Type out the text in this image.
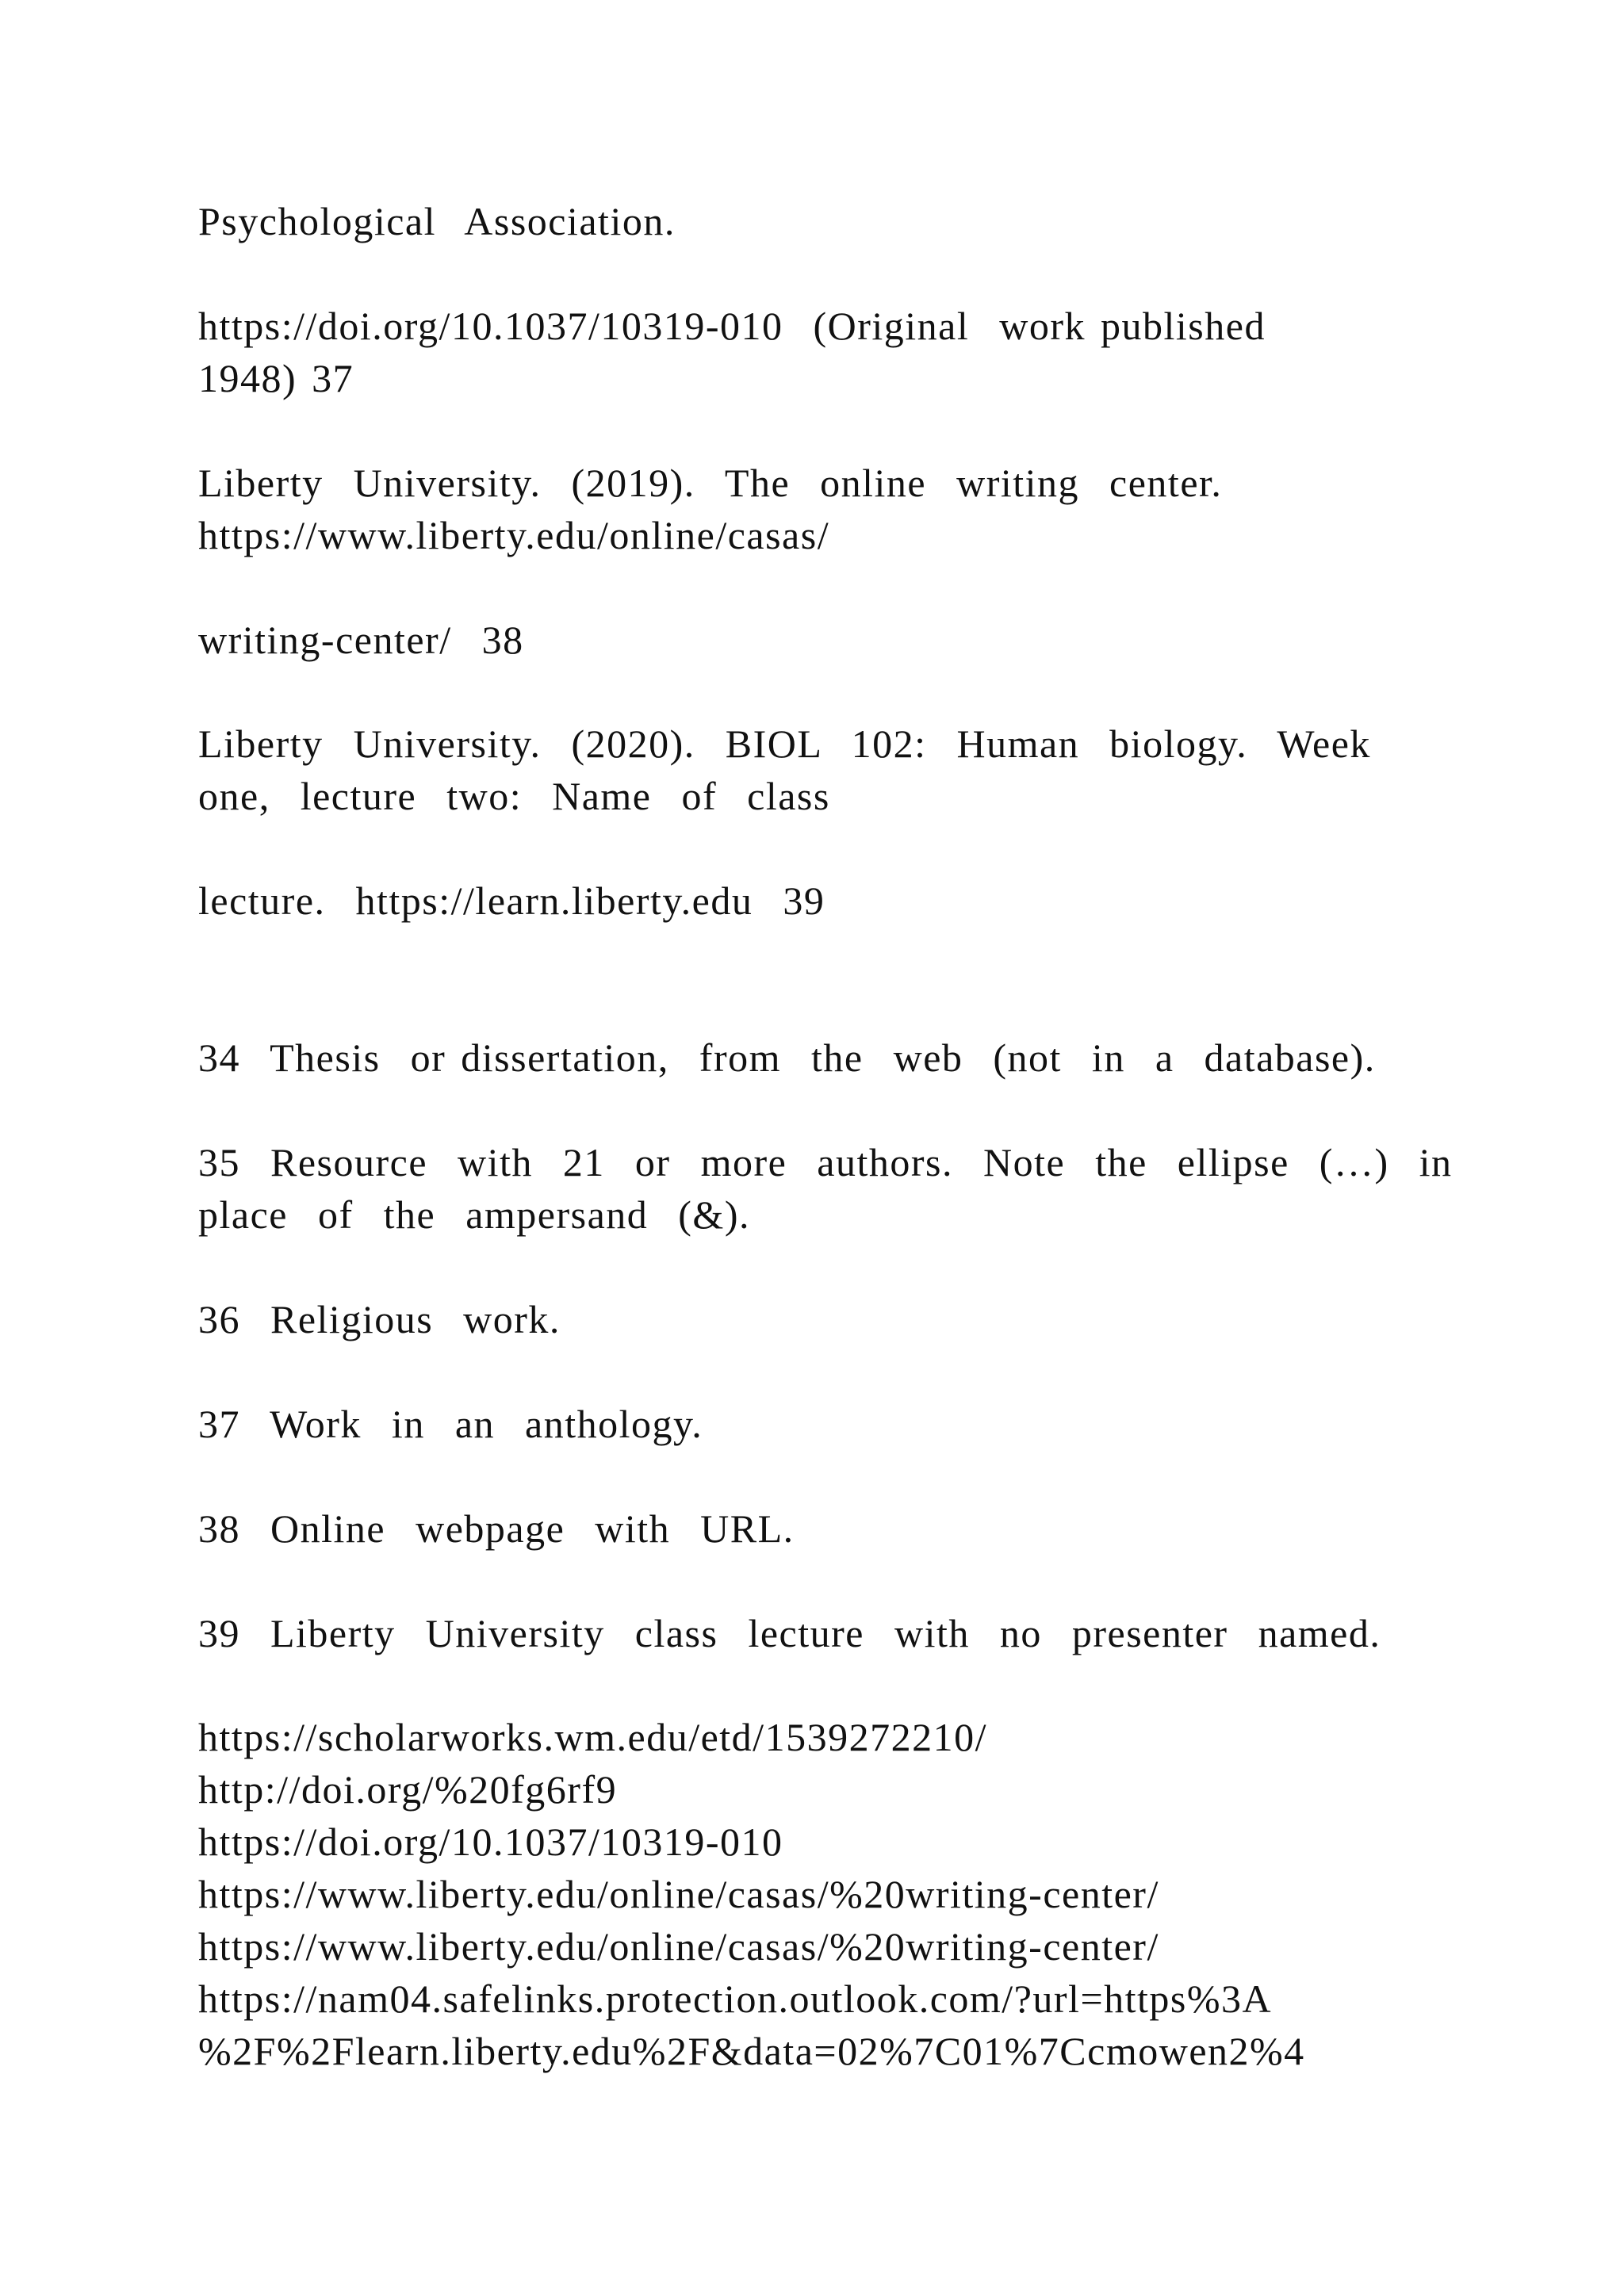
Psychological  Association.
https://doi.org/10.1037/10319-010  (Original  work published
1948) 37
Liberty  University.  (2019).  The  online  writing  center.
https://www.liberty.edu/online/casas/
writing-center/  38
Liberty  University.  (2020).  BIOL  102:  Human  biology.  Week
one,  lecture  two:  Name  of  class
lecture.  https://learn.liberty.edu  39
34  Thesis  or dissertation,  from  the  web  (not  in  a  database).
35  Resource  with  21  or  more  authors.  Note  the  ellipse  (…)  in
place  of  the  ampersand  (&).
36  Religious  work.
37  Work  in  an  anthology.
38  Online  webpage  with  URL.
39  Liberty  University  class  lecture  with  no  presenter  named.
https://scholarworks.wm.edu/etd/1539272210/
http://doi.org/%20fg6rf9
https://doi.org/10.1037/10319-010
https://www.liberty.edu/online/casas/%20writing-center/
https://www.liberty.edu/online/casas/%20writing-center/
https://nam04.safelinks.protection.outlook.com/?url=https%3A
%2F%2Flearn.liberty.edu%2F&data=02%7C01%7Ccmowen2%4
